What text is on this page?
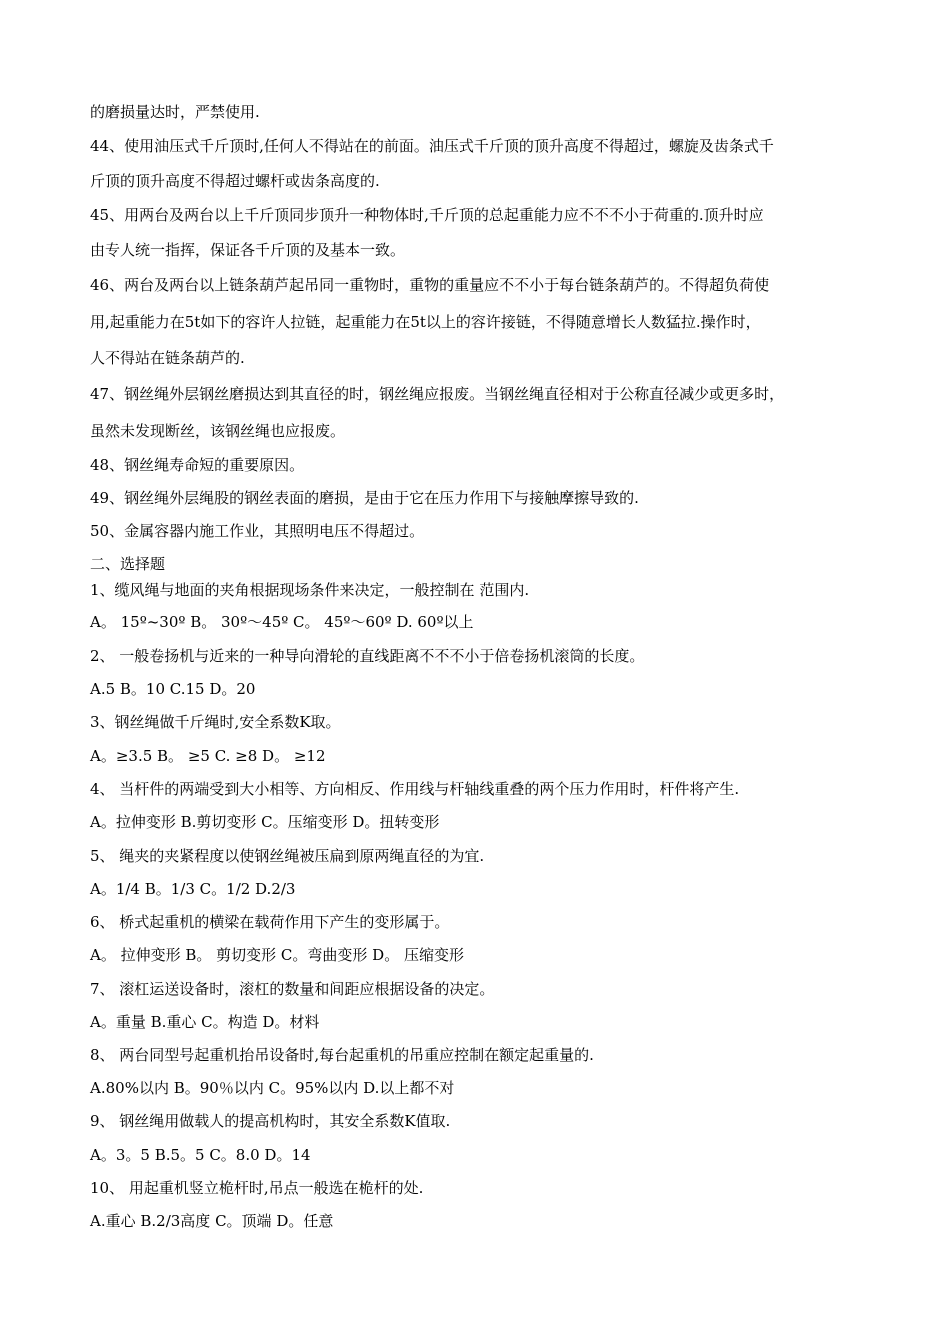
的磨损量达时，严禁使用.
44、使用油压式千斤顶时,任何人不得站在的前面。油压式千斤顶的顶升高度不得超过，螺旋及齿条式千
斤顶的顶升高度不得超过螺杆或齿条高度的.
45、用两台及两台以上千斤顶同步顶升一种物体时,千斤顶的总起重能力应不不不小于荷重的.顶升时应
由专人统一指挥，保证各千斤顶的及基本一致。
46、两台及两台以上链条葫芦起吊同一重物时，重物的重量应不不小于每台链条葫芦的。不得超负荷使
用,起重能力在5t如下的容许人拉链，起重能力在5t以上的容许接链，不得随意增长人数猛拉.操作时，
人不得站在链条葫芦的.
47、钢丝绳外层钢丝磨损达到其直径的时，钢丝绳应报废。当钢丝绳直径相对于公称直径减少或更多时，
虽然未发现断丝，该钢丝绳也应报废。
48、钢丝绳寿命短的重要原因。
49、钢丝绳外层绳股的钢丝表面的磨损，是由于它在压力作用下与接触摩擦导致的.
50、金属容器内施工作业，其照明电压不得超过。
二、选择题
1、缆风绳与地面的夹角根据现场条件来决定，一般控制在 范围内.
A。 15º~30º B。 30º～45º C。 45º～60º D. 60º以上
2、 一般卷扬机与近来的一种导向滑轮的直线距离不不不小于倍卷扬机滚筒的长度。
A.5 B。10 C.15 D。20
3、钢丝绳做千斤绳时,安全系数K取。
A。≥3.5 B。 ≥5 C. ≥8 D。 ≥12
4、 当杆件的两端受到大小相等、方向相反、作用线与杆轴线重叠的两个压力作用时，杆件将产生.
A。拉伸变形 B.剪切变形 C。压缩变形 D。扭转变形
5、 绳夹的夹紧程度以使钢丝绳被压扁到原两绳直径的为宜.
A。1/4 B。1/3 C。1/2 D.2/3
6、 桥式起重机的横梁在载荷作用下产生的变形属于。
A。 拉伸变形 B。 剪切变形 C。弯曲变形 D。 压缩变形
7、 滚杠运送设备时，滚杠的数量和间距应根据设备的决定。
A。重量 B.重心 C。构造 D。材料
8、 两台同型号起重机抬吊设备时,每台起重机的吊重应控制在额定起重量的.
A.80%以内 B。90％以内 C。95%以内 D.以上都不对
9、 钢丝绳用做载人的提高机构时，其安全系数K值取.
A。3。5 B.5。5 C。8.0 D。14
10、 用起重机竖立桅杆时,吊点一般选在桅杆的处.
A.重心 B.2/3高度 C。顶端 D。任意
